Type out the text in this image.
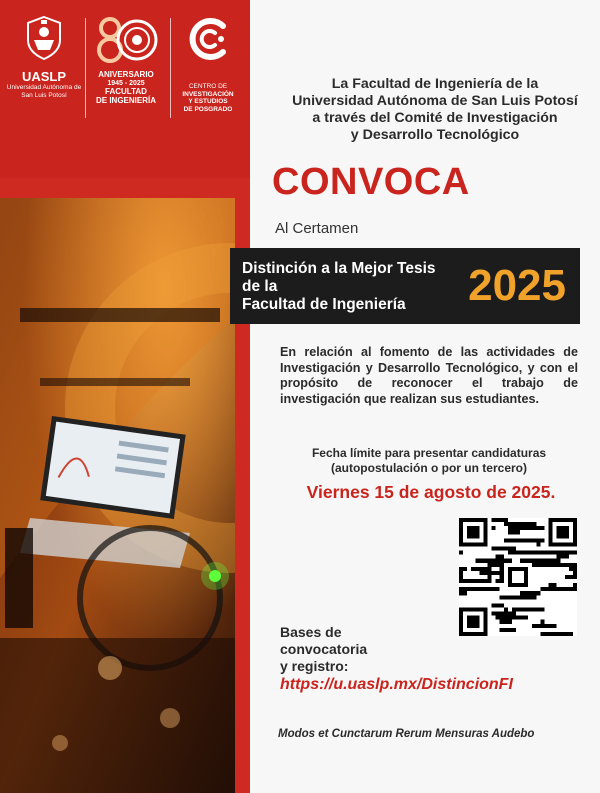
UASLP
Universidad Autónoma de San Luis Potosí
ANIVERSARIO
1945 - 2025
FACULTAD
DE INGENIERÍA
CENTRO DE
INVESTIGACIÓN
Y ESTUDIOS
DE POSGRADO
La Facultad de Ingeniería de la
Universidad Autónoma de San Luis Potosí
a través del Comité de Investigación
y Desarrollo Tecnológico
CONVOCA
Al Certamen
En relación al fomento de las actividades de Investigación y Desarrollo Tecnológico, y con el propósito de reconocer el trabajo de investigación que realizan sus estudiantes.
Fecha límite para presentar candidaturas
(autopostulación o por un tercero)
Viernes 15 de agosto de 2025.
Bases de convocatoria
y registro:
https://u.uaslp.mx/DistincionFI
Modos et Cunctarum Rerum Mensuras Audebo
Distinción a la Mejor Tesis
de la
Facultad de Ingeniería	2025
